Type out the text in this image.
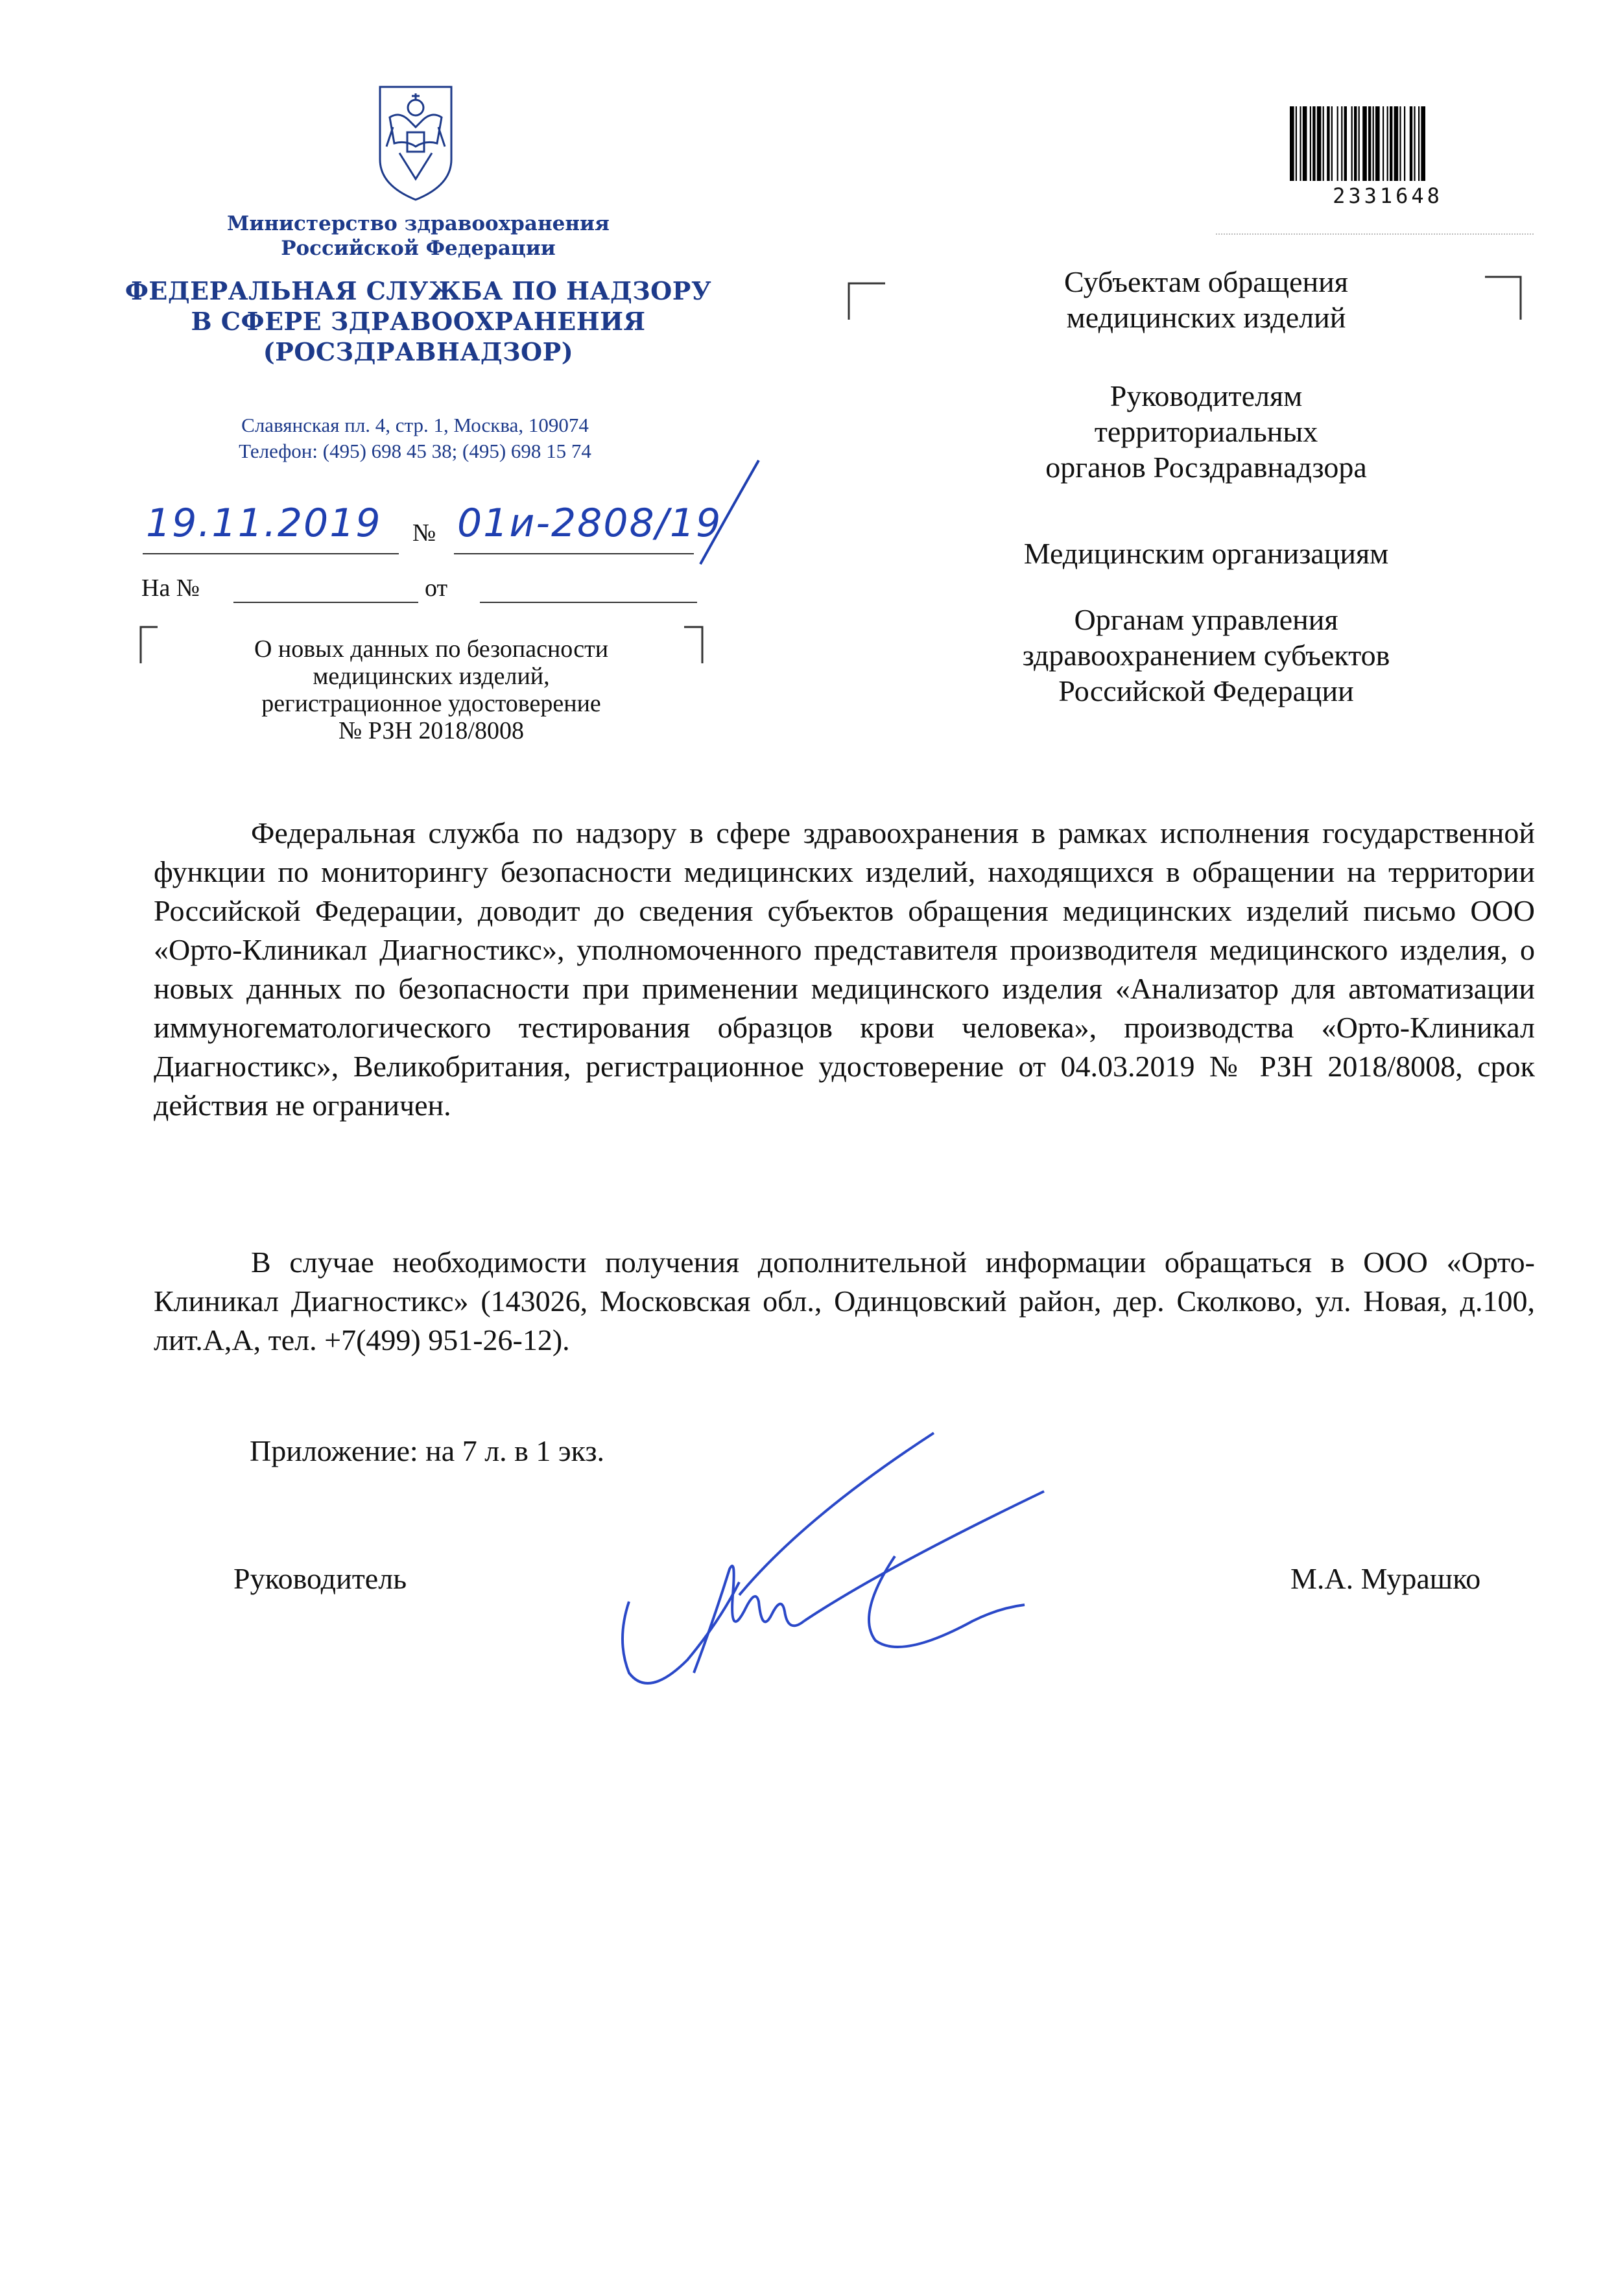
Министерство здравоохранения
Российской Федерации
ФЕДЕРАЛЬНАЯ СЛУЖБА ПО НАДЗОРУ
В СФЕРЕ ЗДРАВООХРАНЕНИЯ
(РОСЗДРАВНАДЗОР)
Славянская пл. 4, стр. 1, Москва, 109074
Телефон: (495) 698 45 38; (495) 698 15 74
19.11.2019 № 01и-2808/19
На №	от
О новых данных по безопасности
медицинских изделий,
регистрационное удостоверение
№ РЗН 2018/8008
2331648
Субъектам обращения
медицинских изделий
Руководителям
территориальных
органов Росздравнадзора
Медицинским организациям
Органам управления
здравоохранением субъектов
Российской Федерации
Федеральная служба по надзору в сфере здравоохранения в рамках исполнения государственной функции по мониторингу безопасности медицинских изделий, находящихся в обращении на территории Российской Федерации, доводит до сведения субъектов обращения медицинских изделий письмо ООО «Орто-Клиникал Диагностикс», уполномоченного представителя производителя медицинского изделия, о новых данных по безопасности при применении медицинского изделия «Анализатор для автоматизации иммуногематологического тестирования образцов крови человека», производства «Орто-Клиникал Диагностикс», Великобритания, регистрационное удостоверение от 04.03.2019 № РЗН 2018/8008, срок действия не ограничен.
В случае необходимости получения дополнительной информации обращаться в ООО «Орто-Клиникал Диагностикс» (143026, Московская обл., Одинцовский район, дер. Сколково, ул. Новая, д.100, лит.А,А, тел. +7(499) 951-26-12).
Приложение: на 7 л. в 1 экз.
Руководитель	М.А. Мурашко
